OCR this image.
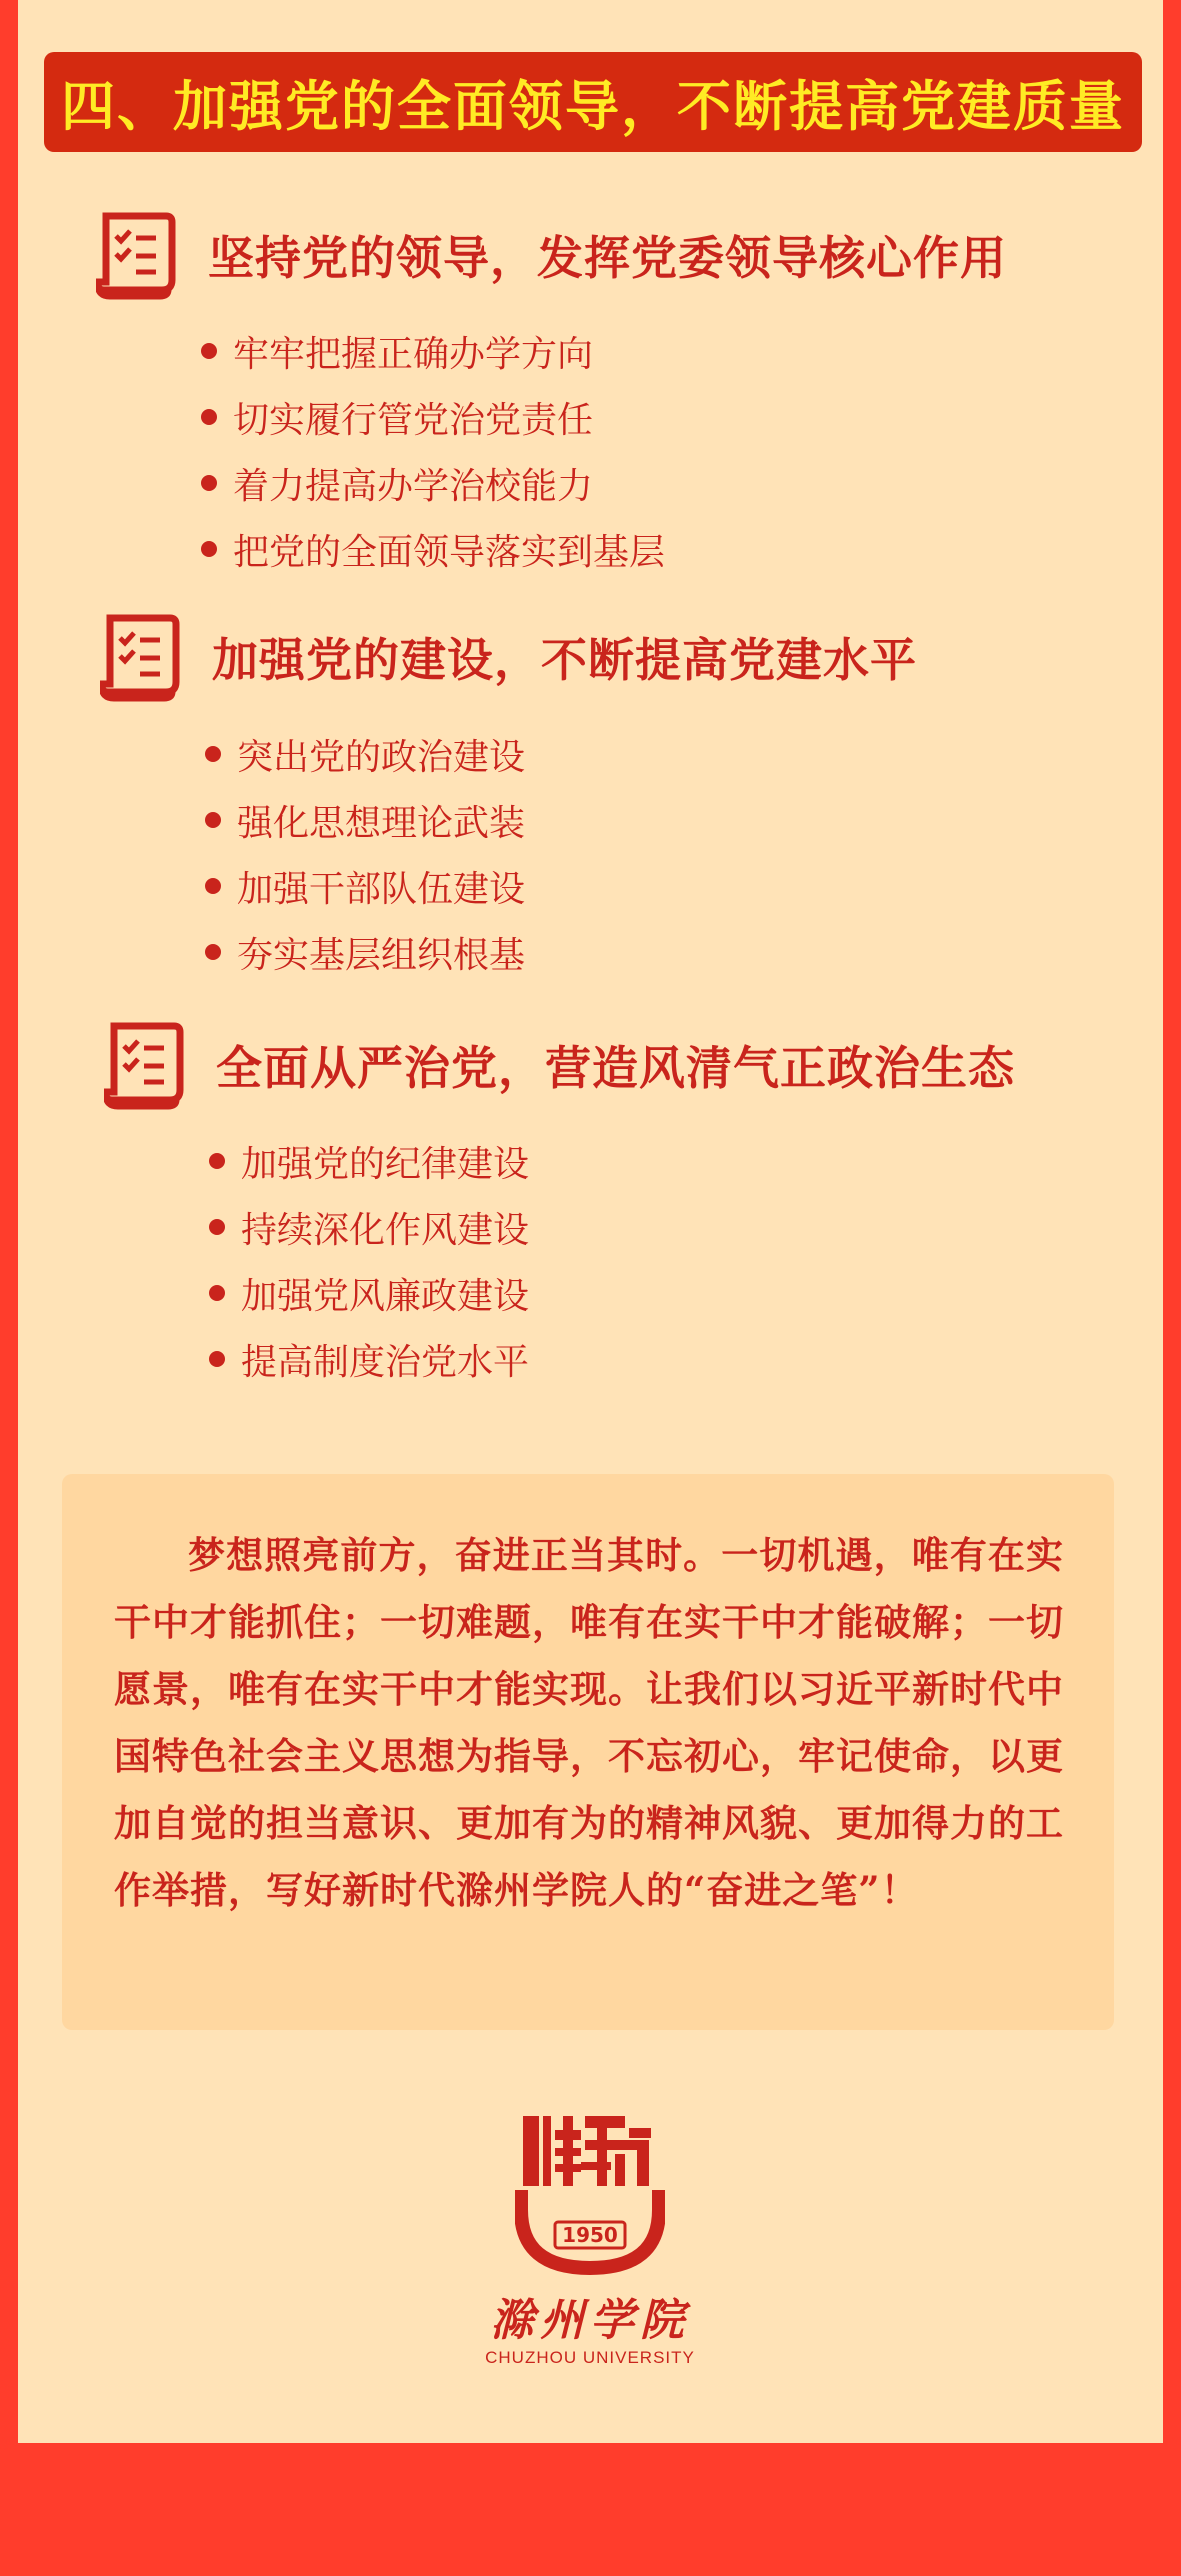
四、加强党的全面领导，不断提高党建质量
坚持党的领导，发挥党委领导核心作用
牢牢把握正确办学方向
切实履行管党治党责任
着力提高办学治校能力
把党的全面领导落实到基层
加强党的建设，不断提高党建水平
突出党的政治建设
强化思想理论武装
加强干部队伍建设
夯实基层组织根基
全面从严治党，营造风清气正政治生态
加强党的纪律建设
持续深化作风建设
加强党风廉政建设
提高制度治党水平

梦想照亮前方，奋进正当其时。一切机遇，唯有在实干中才能抓住；一切难题，唯有在实干中才能破解；一切愿景，唯有在实干中才能实现。让我们以习近平新时代中国特色社会主义思想为指导，不忘初心，牢记使命，以更加自觉的担当意识、更加有为的精神风貌、更加得力的工作举措，写好新时代滁州学院人的“奋进之笔”！

1950
滁州学院
CHUZHOU UNIVERSITY
